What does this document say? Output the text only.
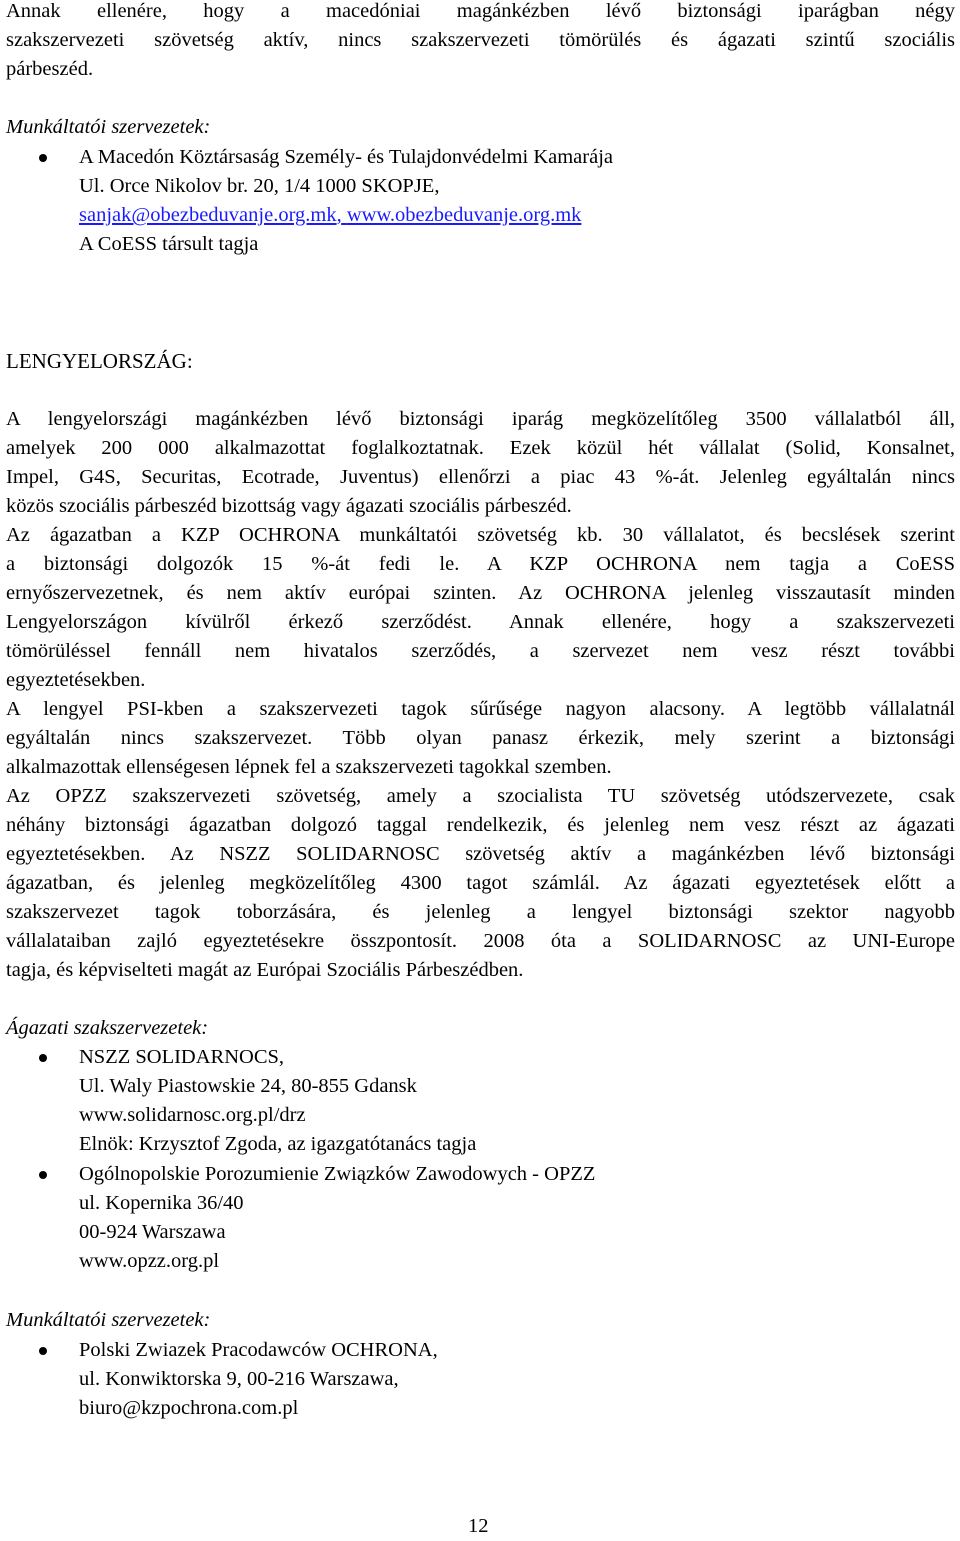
Annak ellenére, hogy a macedóniai magánkézben lévő biztonsági iparágban négy
szakszervezeti szövetség aktív, nincs szakszervezeti tömörülés és ágazati szintű szociális
párbeszéd.
Munkáltatói szervezetek:
A Macedón Köztársaság Személy- és Tulajdonvédelmi Kamarája
Ul. Orce Nikolov br. 20, 1/4 1000 SKOPJE,
sanjak@obezbeduvanje.org.mk, www.obezbeduvanje.org.mk
A CoESS társult tagja
LENGYELORSZÁG:
A lengyelországi magánkézben lévő biztonsági iparág megközelítőleg 3500 vállalatból áll,
amelyek 200 000 alkalmazottat foglalkoztatnak. Ezek közül hét vállalat (Solid, Konsalnet,
Impel, G4S, Securitas, Ecotrade, Juventus) ellenőrzi a piac 43 %-át. Jelenleg egyáltalán nincs
közös szociális párbeszéd bizottság vagy ágazati szociális párbeszéd.
Az ágazatban a KZP OCHRONA munkáltatói szövetség kb. 30 vállalatot, és becslések szerint
a biztonsági dolgozók 15 %-át fedi le. A KZP OCHRONA nem tagja a CoESS
ernyőszervezetnek, és nem aktív európai szinten. Az OCHRONA jelenleg visszautasít minden
Lengyelországon kívülről érkező szerződést. Annak ellenére, hogy a szakszervezeti
tömörüléssel fennáll nem hivatalos szerződés, a szervezet nem vesz részt további
egyeztetésekben.
A lengyel PSI-kben a szakszervezeti tagok sűrűsége nagyon alacsony. A legtöbb vállalatnál
egyáltalán nincs szakszervezet. Több olyan panasz érkezik, mely szerint a biztonsági
alkalmazottak ellenségesen lépnek fel a szakszervezeti tagokkal szemben.
Az OPZZ szakszervezeti szövetség, amely a szocialista TU szövetség utódszervezete, csak
néhány biztonsági ágazatban dolgozó taggal rendelkezik, és jelenleg nem vesz részt az ágazati
egyeztetésekben. Az NSZZ SOLIDARNOSC szövetség aktív a magánkézben lévő biztonsági
ágazatban, és jelenleg megközelítőleg 4300 tagot számlál. Az ágazati egyeztetések előtt a
szakszervezet tagok toborzására, és jelenleg a lengyel biztonsági szektor nagyobb
vállalataiban zajló egyeztetésekre összpontosít. 2008 óta a SOLIDARNOSC az UNI-Europe
tagja, és képviselteti magát az Európai Szociális Párbeszédben.
Ágazati szakszervezetek:
NSZZ SOLIDARNOCS,
Ul. Waly Piastowskie 24, 80-855 Gdansk
www.solidarnosc.org.pl/drz
Elnök: Krzysztof Zgoda, az igazgatótanács tagja
Ogólnopolskie Porozumienie Związków Zawodowych - OPZZ
ul. Kopernika 36/40
00-924 Warszawa
www.opzz.org.pl
Munkáltatói szervezetek:
Polski Zwiazek Pracodawców OCHRONA,
ul. Konwiktorska 9, 00-216 Warszawa,
biuro@kzpochrona.com.pl
12
